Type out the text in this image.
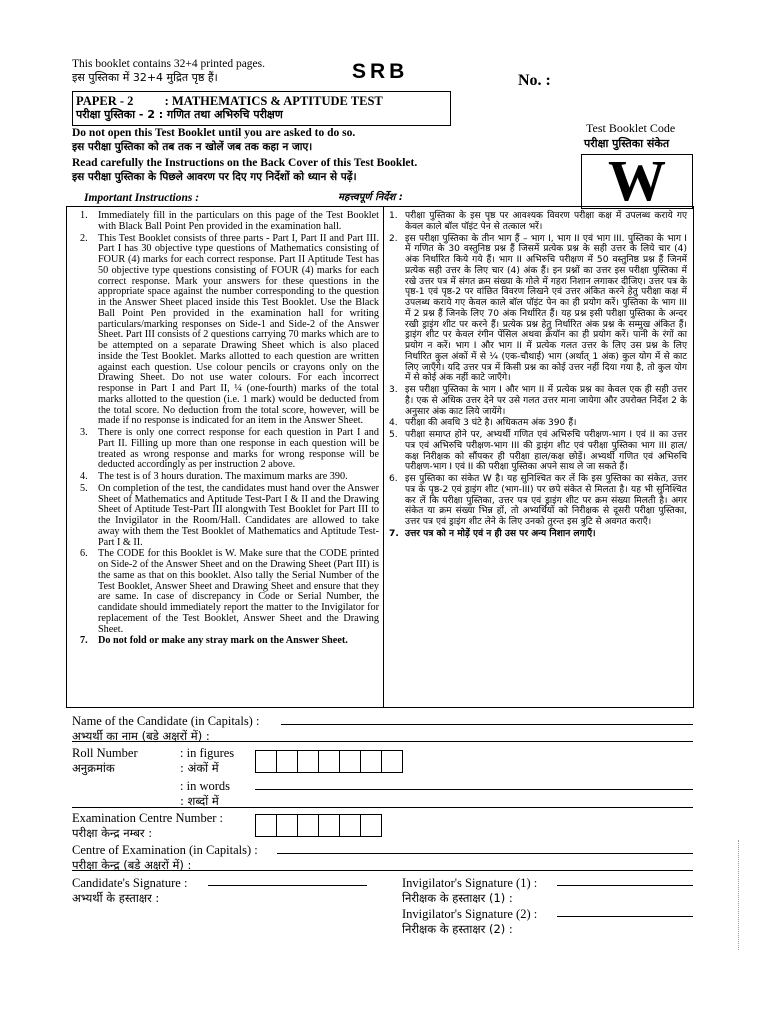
This booklet contains 32+4 printed pages.
इस पुस्तिका में 32+4 मुद्रित पृष्ठ हैं।	SRB	No. :
PAPER - 2          : MATHEMATICS & APTITUDE TEST
परीक्षा पुस्तिका - 2 : गणित तथा अभिरुचि परीक्षण
Do not open this Test Booklet until you are asked to do so.
इस परीक्षा पुस्तिका को तब तक न खोलें जब तक कहा न जाए।
Read carefully the Instructions on the Back Cover of this Test Booklet.
इस परीक्षा पुस्तिका के पिछले आवरण पर दिए गए निर्देशों को ध्यान से पढ़ें।
Test Booklet Code
परीक्षा पुस्तिका संकेत
W
Important Instructions :	महत्त्वपूर्ण निर्देश :
1. Immediately fill in the particulars on this page of the Test Booklet with Black Ball Point Pen provided in the examination hall.
2. This Test Booklet consists of three parts - Part I, Part II and Part III. Part I has 30 objective type questions of Mathematics consisting of FOUR (4) marks for each correct response. Part II Aptitude Test has 50 objective type questions consisting of FOUR (4) marks for each correct response. Mark your answers for these questions in the appropriate space against the number corresponding to the question in the Answer Sheet placed inside this Test Booklet. Use the Black Ball Point Pen provided in the examination hall for writing particulars/marking responses on Side-1 and Side-2 of the Answer Sheet. Part III consists of 2 questions carrying 70 marks which are to be attempted on a separate Drawing Sheet which is also placed inside the Test Booklet. Marks allotted to each question are written against each question. Use colour pencils or crayons only on the Drawing Sheet. Do not use water colours. For each incorrect response in Part I and Part II, ¼ (one-fourth) marks of the total marks allotted to the question (i.e. 1 mark) would be deducted from the total score. No deduction from the total score, however, will be made if no response is indicated for an item in the Answer Sheet.
3. There is only one correct response for each question in Part I and Part II. Filling up more than one response in each question will be treated as wrong response and marks for wrong response will be deducted accordingly as per instruction 2 above.
4. The test is of 3 hours duration. The maximum marks are 390.
5. On completion of the test, the candidates must hand over the Answer Sheet of Mathematics and Aptitude Test-Part I & II and the Drawing Sheet of Aptitude Test-Part III alongwith Test Booklet for Part III to the Invigilator in the Room/Hall. Candidates are allowed to take away with them the Test Booklet of Mathematics and Aptitude Test-Part I & II.
6. The CODE for this Booklet is W. Make sure that the CODE printed on Side-2 of the Answer Sheet and on the Drawing Sheet (Part III) is the same as that on this booklet. Also tally the Serial Number of the Test Booklet, Answer Sheet and Drawing Sheet and ensure that they are same. In case of discrepancy in Code or Serial Number, the candidate should immediately report the matter to the Invigilator for replacement of the Test Booklet, Answer Sheet and the Drawing Sheet.
7. Do not fold or make any stray mark on the Answer Sheet.
1. परीक्षा पुस्तिका के इस पृष्ठ पर आवश्यक विवरण परीक्षा कक्ष में उपलब्ध कराये गए केवल काले बॉल पॉइंट पेन से तत्काल भरें।
2. इस परीक्षा पुस्तिका के तीन भाग हैं – भाग I, भाग II एवं भाग III. पुस्तिका के भाग I में गणित के 30 वस्तुनिष्ठ प्रश्न हैं जिसमें प्रत्येक प्रश्न के सही उत्तर के लिये चार (4) अंक निर्धारित किये गये हैं। भाग II अभिरुचि परीक्षण में 50 वस्तुनिष्ठ प्रश्न हैं जिनमें प्रत्येक सही उत्तर के लिए चार (4) अंक हैं। इन प्रश्नों का उत्तर इस परीक्षा पुस्तिका में रखे उत्तर पत्र में संगत क्रम संख्या के गोले में गहरा निशान लगाकर दीजिए। उत्तर पत्र के पृष्ठ-1 एवं पृष्ठ-2 पर वांछित विवरण लिखने एवं उत्तर अंकित करने हेतु परीक्षा कक्ष में उपलब्ध कराये गए केवल काले बॉल पॉइंट पेन का ही प्रयोग करें। पुस्तिका के भाग III में 2 प्रश्न हैं जिनके लिए 70 अंक निर्धारित हैं। यह प्रश्न इसी परीक्षा पुस्तिका के अन्दर रखी ड्राइंग शीट पर करने हैं। प्रत्येक प्रश्न हेतु निर्धारित अंक प्रश्न के सम्मुख अंकित हैं। ड्राइंग शीट पर केवल रंगीन पेंसिल अथवा क्रेयॉन का ही प्रयोग करें। पानी के रंगों का प्रयोग न करें। भाग I और भाग II में प्रत्येक गलत उत्तर के लिए उस प्रश्न के लिए निर्धारित कुल अंकों में से ¼ (एक-चौथाई) भाग (अर्थात् 1 अंक) कुल योग में से काट लिए जाएँगे। यदि उत्तर पत्र में किसी प्रश्न का कोई उत्तर नहीं दिया गया है, तो कुल योग में से कोई अंक नहीं काटे जाएँगे।
3. इस परीक्षा पुस्तिका के भाग I और भाग II में प्रत्येक प्रश्न का केवल एक ही सही उत्तर है। एक से अधिक उत्तर देने पर उसे गलत उत्तर माना जायेगा और उपरोक्त निर्देश 2 के अनुसार अंक काट लिये जायेंगे।
4. परीक्षा की अवधि 3 घंटे है। अधिकतम अंक 390 हैं।
5. परीक्षा समाप्त होने पर, अभ्यर्थी गणित एवं अभिरुचि परीक्षण-भाग I एवं II का उत्तर पत्र एवं अभिरुचि परीक्षण-भाग III की ड्राइंग शीट एवं परीक्षा पुस्तिका भाग III हाल/कक्ष निरीक्षक को सौंपकर ही परीक्षा हाल/कक्ष छोड़ें। अभ्यर्थी गणित एवं अभिरुचि परीक्षण-भाग I एवं II की परीक्षा पुस्तिका अपने साथ ले जा सकते हैं।
6. इस पुस्तिका का संकेत W है। यह सुनिश्चित कर लें कि इस पुस्तिका का संकेत, उत्तर पत्र के पृष्ठ-2 एवं ड्राइंग शीट (भाग-III) पर छपे संकेत से मिलता है। यह भी सुनिश्चित कर लें कि परीक्षा पुस्तिका, उत्तर पत्र एवं ड्राइंग शीट पर क्रम संख्या मिलती है। अगर संकेत या क्रम संख्या भिन्न हों, तो अभ्यर्थियों को निरीक्षक से दूसरी परीक्षा पुस्तिका, उत्तर पत्र एवं ड्राइंग शीट लेने के लिए उनको तुरन्त इस त्रुटि से अवगत कराएँ।
7. उत्तर पत्र को न मोड़ें एवं न ही उस पर अन्य निशान लगाएँ।
Name of the Candidate (in Capitals) :
अभ्यर्थी का नाम (बड़े अक्षरों में) :
Roll Number
अनुक्रमांक
: in figures
: अंकों में
: in words
: शब्दों में
Examination Centre Number :
परीक्षा केन्द्र नम्बर :
Centre of Examination (in Capitals) :
परीक्षा केन्द्र (बड़े अक्षरों में) :
Candidate's Signature :
अभ्यर्थी के हस्ताक्षर :
Invigilator's Signature (1) :
निरीक्षक के हस्ताक्षर (1) :
Invigilator's Signature (2) :
निरीक्षक के हस्ताक्षर (2) :
